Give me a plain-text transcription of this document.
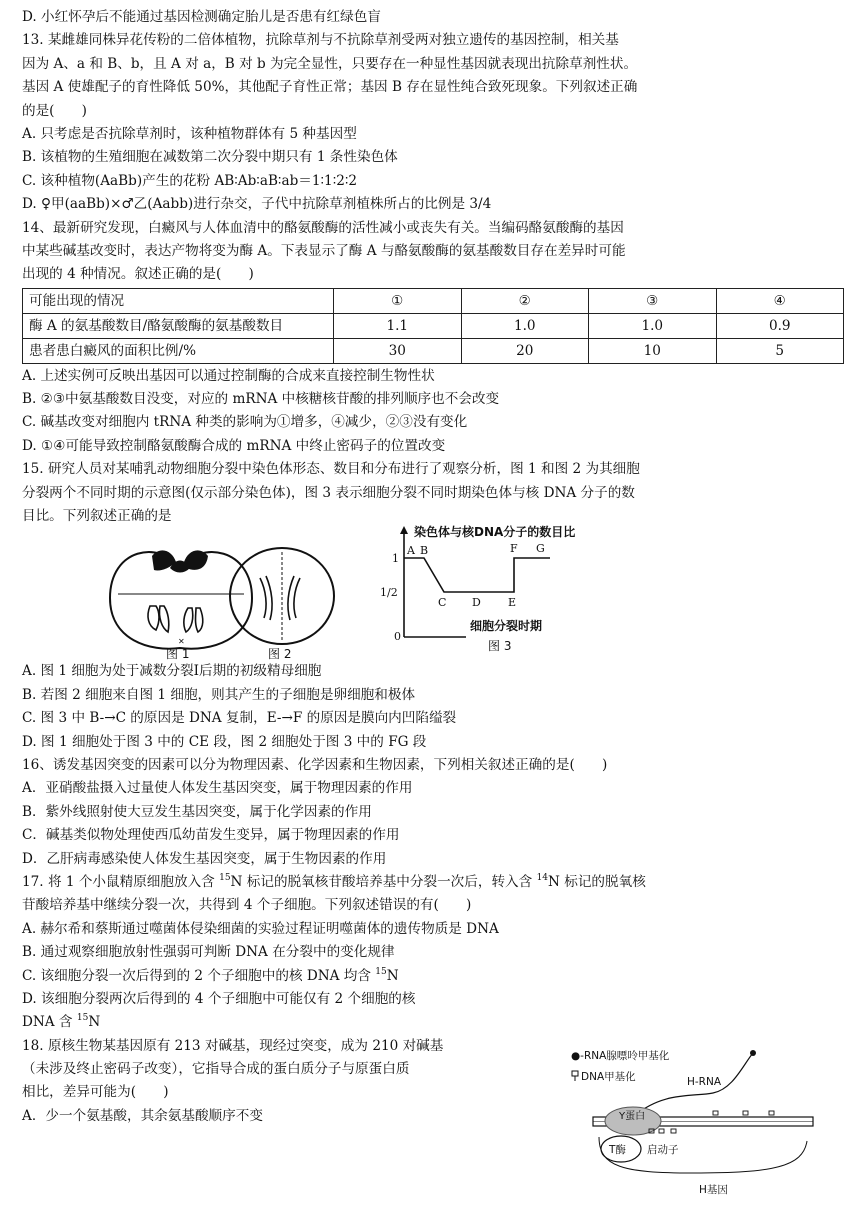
D. 小红怀孕后不能通过基因检测确定胎儿是否患有红绿色盲
13. 某雌雄同株异花传粉的二倍体植物，抗除草剂与不抗除草剂受两对独立遗传的基因控制，相关基
因为 A、a 和 B、b，且 A 对 a，B 对 b 为完全显性，只要存在一种显性基因就表现出抗除草剂性状。
基因 A 使雄配子的育性降低 50%，其他配子育性正常；基因 B 存在显性纯合致死现象。下列叙述正确
的是(　　)
A. 只考虑是否抗除草剂时，该种植物群体有 5 种基因型
B. 该植物的生殖细胞在减数第二次分裂中期只有 1 条性染色体
C. 该种植物(AaBb)产生的花粉 AB∶Ab∶aB∶ab＝1∶1∶2∶2
D. ♀甲(aaBb)×♂乙(Aabb)进行杂交，子代中抗除草剂植株所占的比例是 3/4
14、最新研究发现，白癜风与人体血清中的酪氨酸酶的活性减小或丧失有关。当编码酪氨酸酶的基因
中某些碱基改变时，表达产物将变为酶 A。下表显示了酶 A 与酪氨酸酶的氨基酸数目存在差异时可能
出现的 4 种情况。叙述正确的是(　　)
可能出现的情况	①	②	③	④
酶 A 的氨基酸数目/酪氨酸酶的氨基酸数目	1.1	1.0	1.0	0.9
患者患白癜风的面积比例/%	30	20	10	5
A. 上述实例可反映出基因可以通过控制酶的合成来直接控制生物性状
B. ②③中氨基酸数目没变，对应的 mRNA 中核糖核苷酸的排列顺序也不会改变
C. 碱基改变对细胞内 tRNA 种类的影响为①增多，④减少，②③没有变化
D. ①④可能导致控制酪氨酸酶合成的 mRNA 中终止密码子的位置改变
15. 研究人员对某哺乳动物细胞分裂中染色体形态、数目和分布进行了观察分析，图 1 和图 2 为其细胞
分裂两个不同时期的示意图(仅示部分染色体)，图 3 表示细胞分裂不同时期染色体与核 DNA 分子的数
目比。下列叙述正确的是
✕
图 1	图 2
染色体与核DNA分子的数目比
1
1/2
0
A B
C D E
F G
细胞分裂时期
图 3
A. 图 1 细胞为处于减数分裂Ⅰ后期的初级精母细胞
B. 若图 2 细胞来自图 1 细胞，则其产生的子细胞是卵细胞和极体
C. 图 3 中 B-→C 的原因是 DNA 复制，E-→F 的原因是膜向内凹陷缢裂
D. 图 1 细胞处于图 3 中的 CE 段，图 2 细胞处于图 3 中的 FG 段
16、诱发基因突变的因素可以分为物理因素、化学因素和生物因素，下列相关叙述正确的是(　　)
A．亚硝酸盐摄入过量使人体发生基因突变，属于物理因素的作用
B．紫外线照射使大豆发生基因突变，属于化学因素的作用
C．碱基类似物处理使西瓜幼苗发生变异，属于物理因素的作用
D．乙肝病毒感染使人体发生基因突变，属于生物因素的作用
17. 将 1 个小鼠精原细胞放入含 $^{15}$N 标记的脱氧核苷酸培养基中分裂一次后，转入含 $^{14}$N 标记的脱氧核
苷酸培养基中继续分裂一次，共得到 4 个子细胞。下列叙述错误的有(　　)
A. 赫尔希和蔡斯通过噬菌体侵染细菌的实验过程证明噬菌体的遗传物质是 DNA
B. 通过观察细胞放射性强弱可判断 DNA 在分裂中的变化规律
C. 该细胞分裂一次后得到的 2 个子细胞中的核 DNA 均含 $^{15}$N
D. 该细胞分裂两次后得到的 4 个子细胞中可能仅有 2 个细胞的核
DNA 含 $^{15}$N
18. 原核生物某基因原有 213 对碱基，现经过突变，成为 210 对碱基
（未涉及终止密码子改变），它指导合成的蛋白质分子与原蛋白质
相比，差异可能为(　　)
A．少一个氨基酸，其余氨基酸顺序不变
●-RNA腺嘌呤甲基化
DNA甲基化	H-RNA
Y蛋白
T酶 启动子
H基因
